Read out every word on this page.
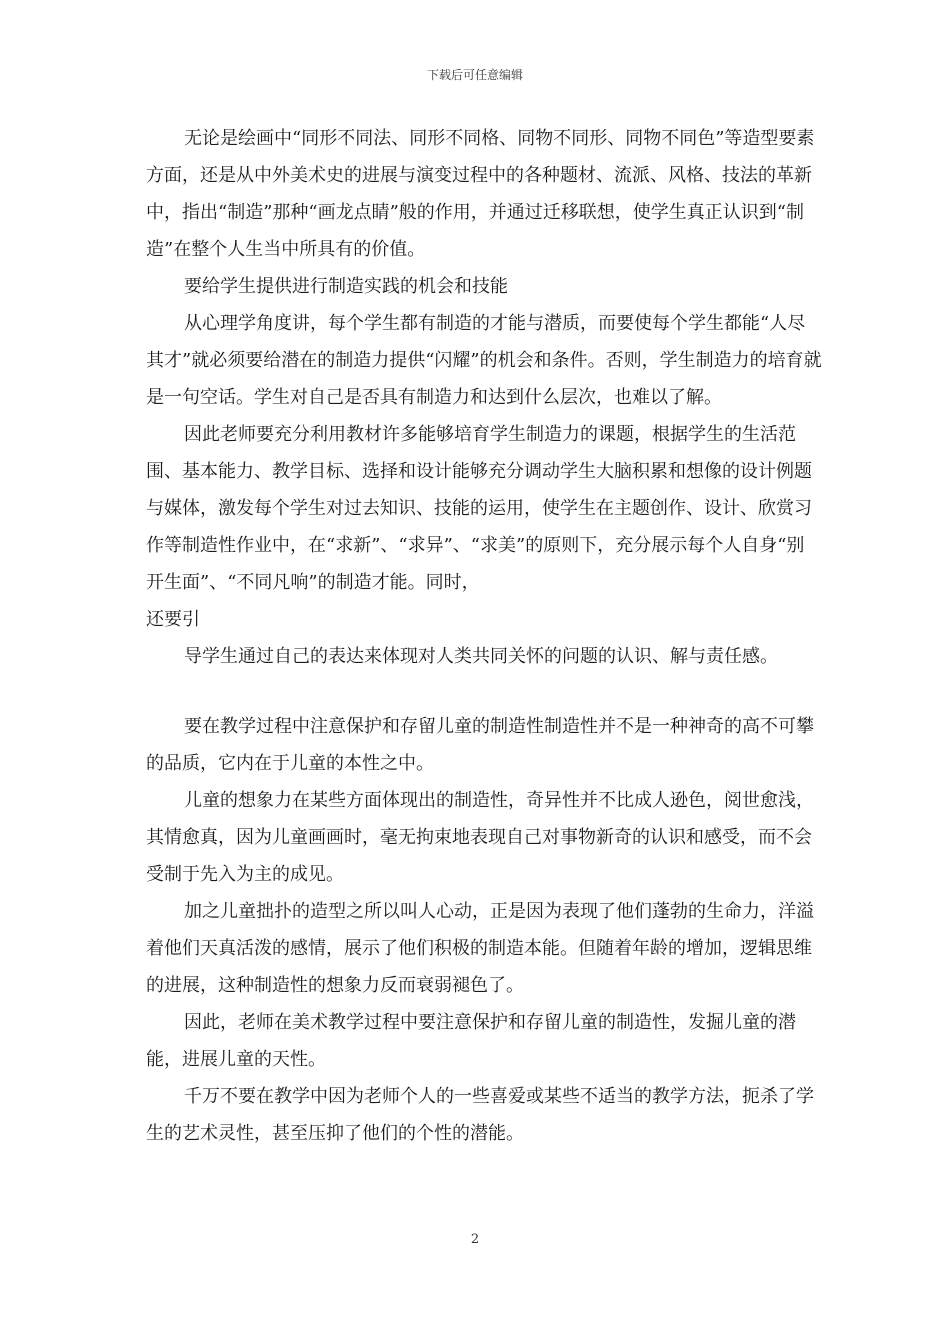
下载后可任意编辑

无论是绘画中“同形不同法、同形不同格、同物不同形、同物不同色”等造型要素方面，还是从中外美术史的进展与演变过程中的各种题材、流派、风格、技法的革新中，指出“制造”那种“画龙点睛”般的作用，并通过迁移联想，使学生真正认识到“制造”在整个人生当中所具有的价值。

要给学生提供进行制造实践的机会和技能

从心理学角度讲，每个学生都有制造的才能与潜质，而要使每个学生都能“人尽其才”就必须要给潜在的制造力提供“闪耀”的机会和条件。否则，学生制造力的培育就是一句空话。学生对自己是否具有制造力和达到什么层次，也难以了解。

因此老师要充分利用教材许多能够培育学生制造力的课题，根据学生的生活范围、基本能力、教学目标、选择和设计能够充分调动学生大脑积累和想像的设计例题与媒体，激发每个学生对过去知识、技能的运用，使学生在主题创作、设计、欣赏习作等制造性作业中，在“求新”、“求异”、“求美”的原则下，充分展示每个人自身“别开生面”、“不同凡响”的制造才能。同时，

还要引

导学生通过自己的表达来体现对人类共同关怀的问题的认识、解与责任感。

要在教学过程中注意保护和存留儿童的制造性制造性并不是一种神奇的高不可攀的品质，它内在于儿童的本性之中。

儿童的想象力在某些方面体现出的制造性，奇异性并不比成人逊色，阅世愈浅，其情愈真，因为儿童画画时，毫无拘束地表现自己对事物新奇的认识和感受，而不会受制于先入为主的成见。

加之儿童拙扑的造型之所以叫人心动，正是因为表现了他们蓬勃的生命力，洋溢着他们天真活泼的感情，展示了他们积极的制造本能。但随着年龄的增加，逻辑思维的进展，这种制造性的想象力反而衰弱褪色了。

因此，老师在美术教学过程中要注意保护和存留儿童的制造性，发掘儿童的潜能，进展儿童的天性。

千万不要在教学中因为老师个人的一些喜爱或某些不适当的教学方法，扼杀了学生的艺术灵性，甚至压抑了他们的个性的潜能。

2
